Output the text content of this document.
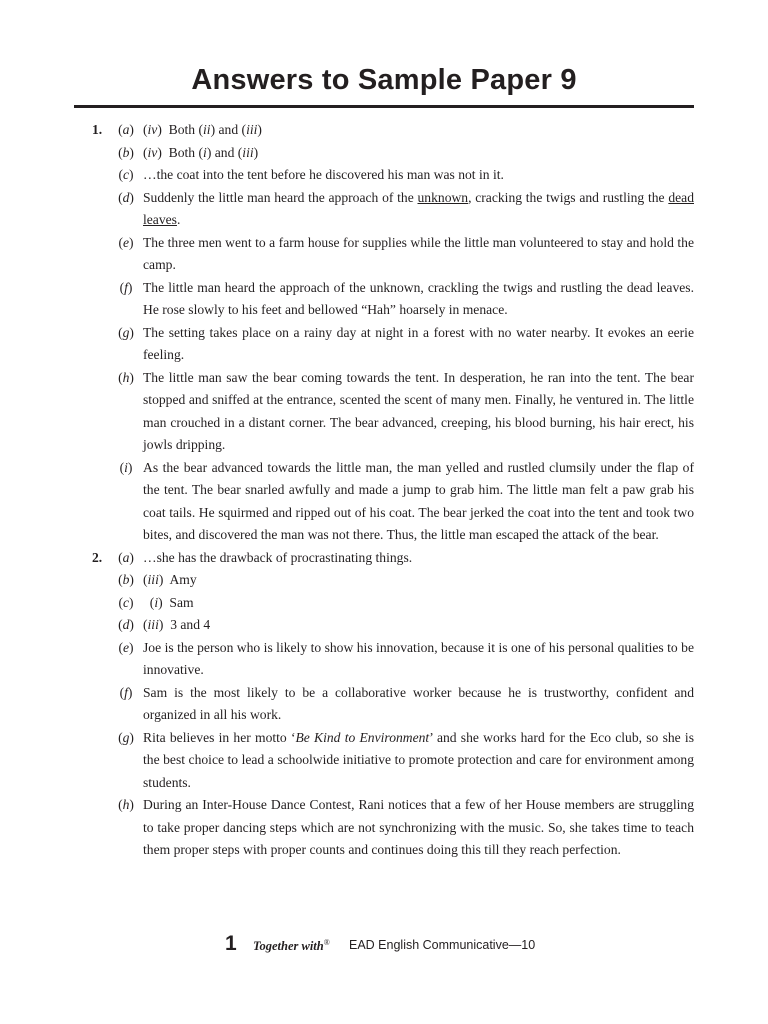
Answers to Sample Paper 9
1. (a) (iv)  Both (ii) and (iii)
(b) (iv)  Both (i) and (iii)
(c) …the coat into the tent before he discovered his man was not in it.
(d) Suddenly the little man heard the approach of the unknown, cracking the twigs and rustling the dead leaves.
(e) The three men went to a farm house for supplies while the little man volunteered to stay and hold the camp.
(f) The little man heard the approach of the unknown, crackling the twigs and rustling the dead leaves. He rose slowly to his feet and bellowed “Hah” hoarsely in menace.
(g) The setting takes place on a rainy day at night in a forest with no water nearby. It evokes an eerie feeling.
(h) The little man saw the bear coming towards the tent. In desperation, he ran into the tent. The bear stopped and sniffed at the entrance, scented the scent of many men. Finally, he ventured in. The little man crouched in a distant corner. The bear advanced, creeping, his blood burning, his hair erect, his jowls dripping.
(i) As the bear advanced towards the little man, the man yelled and rustled clumsily under the flap of the tent. The bear snarled awfully and made a jump to grab him. The little man felt a paw grab his coat tails. He squirmed and ripped out of his coat. The bear jerked the coat into the tent and took two bites, and discovered the man was not there. Thus, the little man escaped the attack of the bear.
2. (a) …she has the drawback of procrastinating things.
(b) (iii)  Amy
(c) (i)  Sam
(d) (iii)  3 and 4
(e) Joe is the person who is likely to show his innovation, because it is one of his personal qualities to be innovative.
(f) Sam is the most likely to be a collaborative worker because he is trustworthy, confident and organized in all his work.
(g) Rita believes in her motto ‘Be Kind to Environment’ and she works hard for the Eco club, so she is the best choice to lead a schoolwide initiative to promote protection and care for environment among students.
(h) During an Inter-House Dance Contest, Rani notices that a few of her House members are struggling to take proper dancing steps which are not synchronizing with the music. So, she takes time to teach them proper steps with proper counts and continues doing this till they reach perfection.
1 Together with® EAD English Communicative—10
